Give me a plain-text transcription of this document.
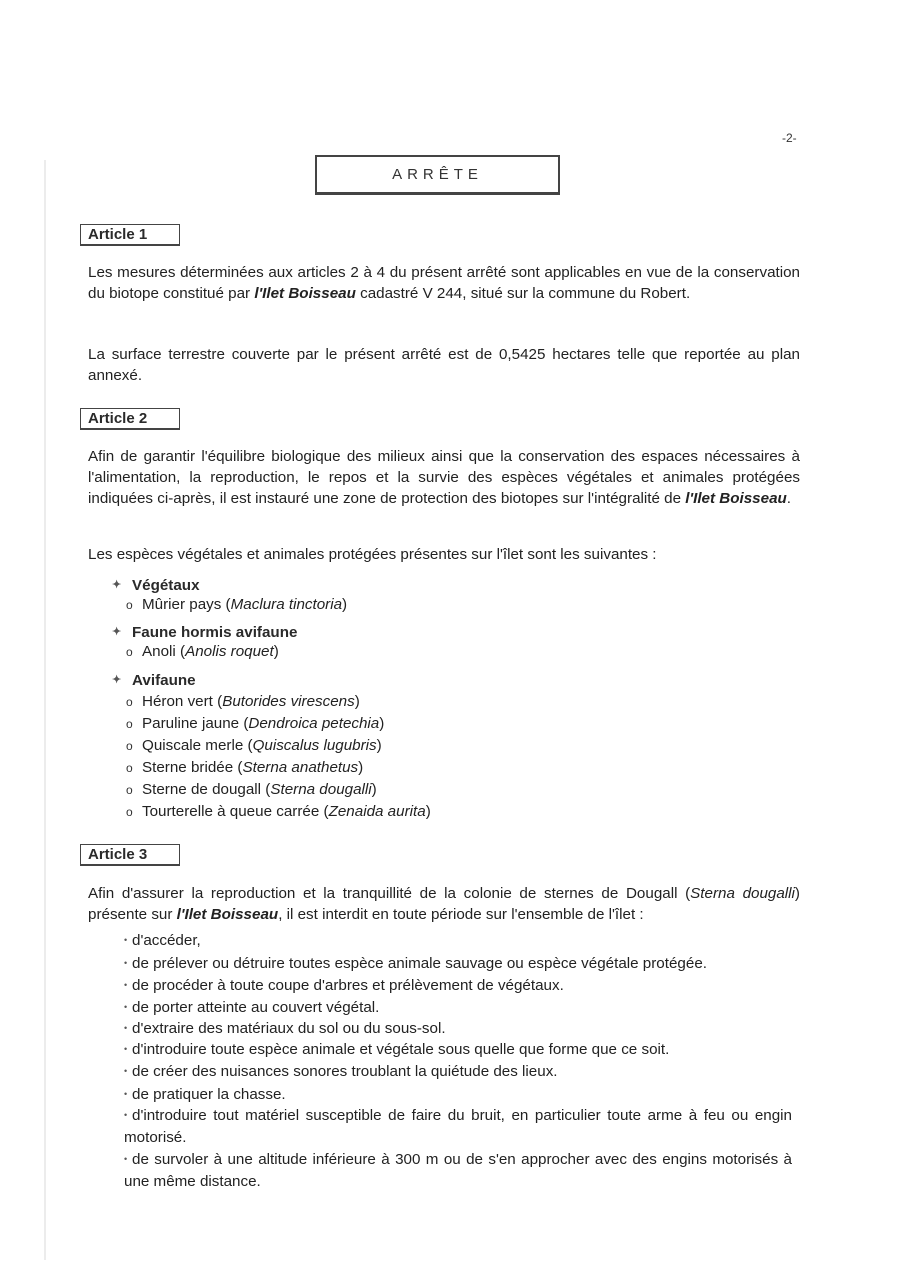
-2-
ARRÊTE
Article 1
Les mesures déterminées aux articles 2 à 4 du présent arrêté sont applicables en vue de la conservation du biotope constitué par l'Ilet Boisseau cadastré V 244, situé sur la commune du Robert.
La surface terrestre couverte par le présent arrêté est de 0,5425 hectares telle que reportée au plan annexé.
Article 2
Afin de garantir l'équilibre biologique des milieux ainsi que la conservation des espaces nécessaires à l'alimentation, la reproduction, le repos et la survie des espèces végétales et animales protégées indiquées ci-après, il est instauré une zone de protection des biotopes sur l'intégralité de l'Ilet Boisseau.
Les espèces végétales et animales protégées présentes sur l'îlet sont les suivantes :
✦ Végétaux
o Mûrier pays (Maclura tinctoria)
✦ Faune hormis avifaune
o Anoli (Anolis roquet)
✦ Avifaune
o Héron vert (Butorides virescens)
o Paruline jaune (Dendroica petechia)
o Quiscale merle (Quiscalus lugubris)
o Sterne bridée (Sterna anathetus)
o Sterne de dougall (Sterna dougalli)
o Tourterelle à queue carrée (Zenaida aurita)
Article 3
Afin d'assurer la reproduction et la tranquillité de la colonie de sternes de Dougall (Sterna dougalli) présente sur l'Ilet Boisseau, il est interdit en toute période sur l'ensemble de l'îlet :
• d'accéder,
• de prélever ou détruire toutes espèce animale sauvage ou espèce végétale protégée.
• de procéder à toute coupe d'arbres et prélèvement de végétaux.
• de porter atteinte au couvert végétal.
• d'extraire des matériaux du sol ou du sous-sol.
• d'introduire toute espèce animale et végétale sous quelle que forme que ce soit.
• de créer des nuisances sonores troublant la quiétude des lieux.
• de pratiquer la chasse.
• d'introduire tout matériel susceptible de faire du bruit, en particulier toute arme à feu ou engin motorisé.
• de survoler à une altitude inférieure à 300 m ou de s'en approcher avec des engins motorisés à une même distance.
